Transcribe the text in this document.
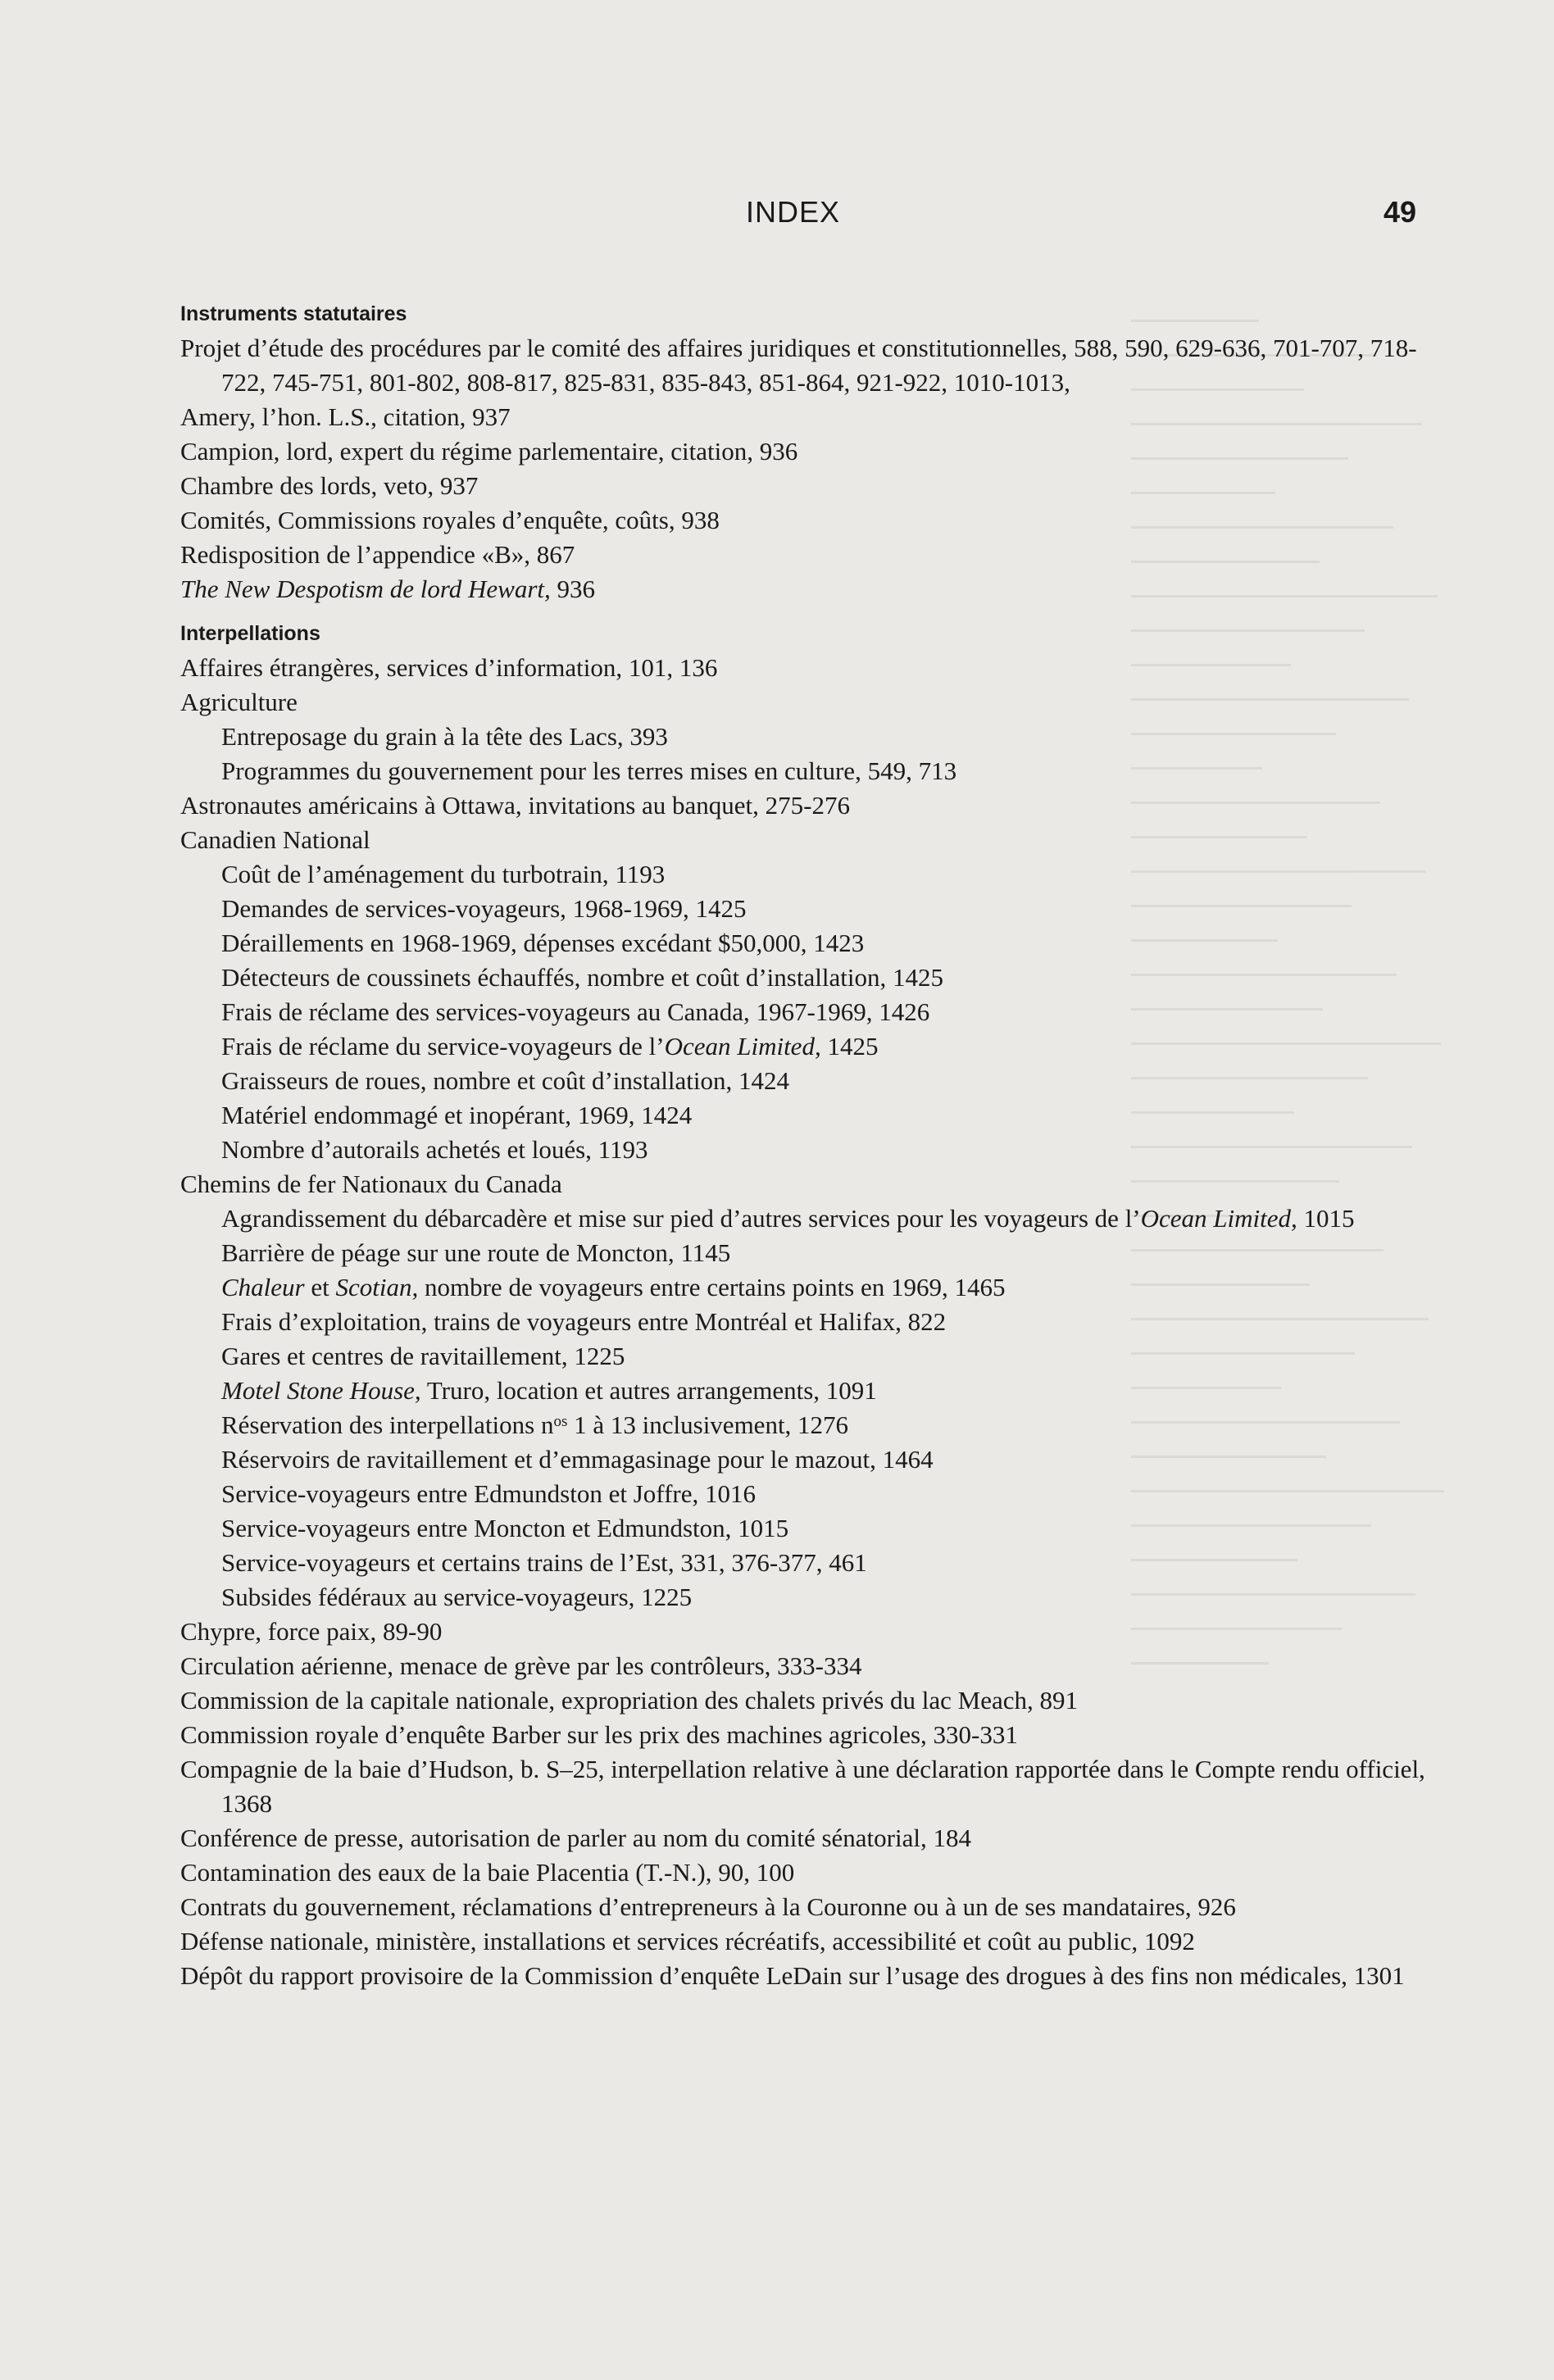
INDEX	49
Instruments statutaires
Projet d’étude des procédures par le comité des affaires juridiques et constitutionnelles, 588, 590, 629-636, 701-707, 718-722, 745-751, 801-802, 808-817, 825-831, 835-843, 851-864, 921-922, 1010-1013,
Amery, l’hon. L.S., citation, 937
Campion, lord, expert du régime parlementaire, citation, 936
Chambre des lords, veto, 937
Comités, Commissions royales d’enquête, coûts, 938
Redisposition de l’appendice «B», 867
The New Despotism de lord Hewart, 936
Interpellations
Affaires étrangères, services d’information, 101, 136
Agriculture
Entreposage du grain à la tête des Lacs, 393
Programmes du gouvernement pour les terres mises en culture, 549, 713
Astronautes américains à Ottawa, invitations au banquet, 275-276
Canadien National
Coût de l’aménagement du turbotrain, 1193
Demandes de services-voyageurs, 1968-1969, 1425
Déraillements en 1968-1969, dépenses excédant $50,000, 1423
Détecteurs de coussinets échauffés, nombre et coût d’installation, 1425
Frais de réclame des services-voyageurs au Canada, 1967-1969, 1426
Frais de réclame du service-voyageurs de l’Ocean Limited, 1425
Graisseurs de roues, nombre et coût d’installation, 1424
Matériel endommagé et inopérant, 1969, 1424
Nombre d’autorails achetés et loués, 1193
Chemins de fer Nationaux du Canada
Agrandissement du débarcadère et mise sur pied d’autres services pour les voyageurs de l’Ocean Limited, 1015
Barrière de péage sur une route de Moncton, 1145
Chaleur et Scotian, nombre de voyageurs entre certains points en 1969, 1465
Frais d’exploitation, trains de voyageurs entre Montréal et Halifax, 822
Gares et centres de ravitaillement, 1225
Motel Stone House, Truro, location et autres arrangements, 1091
Réservation des interpellations $n^{os}$ 1 à 13 inclusivement, 1276
Réservoirs de ravitaillement et d’emmagasinage pour le mazout, 1464
Service-voyageurs entre Edmundston et Joffre, 1016
Service-voyageurs entre Moncton et Edmundston, 1015
Service-voyageurs et certains trains de l’Est, 331, 376-377, 461
Subsides fédéraux au service-voyageurs, 1225
Chypre, force paix, 89-90
Circulation aérienne, menace de grève par les contrôleurs, 333-334
Commission de la capitale nationale, expropriation des chalets privés du lac Meach, 891
Commission royale d’enquête Barber sur les prix des machines agricoles, 330-331
Compagnie de la baie d’Hudson, b. S–25, interpellation relative à une déclaration rapportée dans le Compte rendu officiel, 1368
Conférence de presse, autorisation de parler au nom du comité sénatorial, 184
Contamination des eaux de la baie Placentia (T.-N.), 90, 100
Contrats du gouvernement, réclamations d’entrepreneurs à la Couronne ou à un de ses mandataires, 926
Défense nationale, ministère, installations et services récréatifs, accessibilité et coût au public, 1092
Dépôt du rapport provisoire de la Commission d’enquête LeDain sur l’usage des drogues à des fins non médicales, 1301
